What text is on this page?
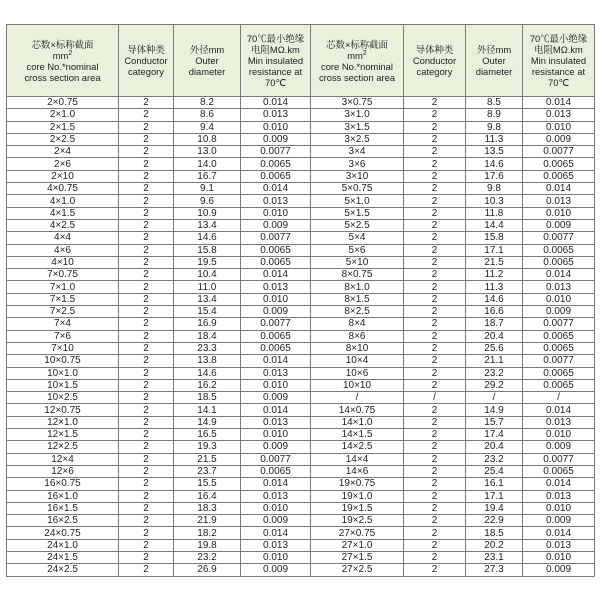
芯数×标称截面
$mm^2$
core No.*nominal
cross section area	导体种类
Conductor
category	外径mm
Outer
diameter	70℃最小绝缘
电阻MΩ.km
Min insulated
resistance at
70℃	芯数×标称截面
$mm^2$
core No.*nominal
cross section area	导体种类
Conductor
category	外径mm
Outer
diameter	70℃最小绝缘
电阻MΩ.km
Min insulated
resistance at
70℃
2×0.75	2	8.2	0.014	3×0.75	2	8.5	0.014
2×1.0	2	8.6	0.013	3×1.0	2	8.9	0.013
2×1.5	2	9.4	0.010	3×1.5	2	9.8	0.010
2×2.5	2	10.8	0.009	3×2.5	2	11.3	0.009
2×4	2	13.0	0.0077	3×4	2	13.5	0.0077
2×6	2	14.0	0.0065	3×6	2	14.6	0.0065
2×10	2	16.7	0.0065	3×10	2	17.6	0.0065
4×0.75	2	9.1	0.014	5×0.75	2	9.8	0.014
4×1.0	2	9.6	0.013	5×1.0	2	10.3	0.013
4×1.5	2	10.9	0.010	5×1.5	2	11.8	0.010
4×2.5	2	13.4	0.009	5×2.5	2	14.4	0.009
4×4	2	14.6	0.0077	5×4	2	15.8	0.0077
4×6	2	15.8	0.0065	5×6	2	17.1	0.0065
4×10	2	19.5	0.0065	5×10	2	21.5	0.0065
7×0.75	2	10.4	0.014	8×0.75	2	11.2	0.014
7×1.0	2	11.0	0.013	8×1.0	2	11.3	0.013
7×1.5	2	13.4	0.010	8×1.5	2	14.6	0.010
7×2.5	2	15.4	0.009	8×2.5	2	16.6	0.009
7×4	2	16.9	0.0077	8×4	2	18.7	0.0077
7×6	2	18.4	0.0065	8×6	2	20.4	0.0065
7×10	2	23.3	0.0065	8×10	2	25.6	0.0065
10×0.75	2	13.8	0.014	10×4	2	21.1	0.0077
10×1.0	2	14.6	0.013	10×6	2	23.2	0.0065
10×1.5	2	16.2	0.010	10×10	2	29.2	0.0065
10×2.5	2	18.5	0.009	/	/	/	/
12×0.75	2	14.1	0.014	14×0.75	2	14.9	0.014
12×1.0	2	14.9	0.013	14×1.0	2	15.7	0.013
12×1.5	2	16.5	0.010	14×1.5	2	17.4	0.010
12×2.5	2	19.3	0.009	14×2.5	2	20.4	0.009
12×4	2	21.5	0.0077	14×4	2	23.2	0.0077
12×6	2	23.7	0.0065	14×6	2	25.4	0.0065
16×0.75	2	15.5	0.014	19×0.75	2	16.1	0.014
16×1.0	2	16.4	0.013	19×1.0	2	17.1	0.013
16×1.5	2	18.3	0.010	19×1.5	2	19.4	0.010
16×2.5	2	21.9	0.009	19×2.5	2	22.9	0.009
24×0.75	2	18.2	0.014	27×0.75	2	18.5	0.014
24×1.0	2	19.8	0.013	27×1.0	2	20.2	0.013
24×1.5	2	23.2	0.010	27×1.5	2	23.1	0.010
24×2.5	2	26.9	0.009	27×2.5	2	27.3	0.009
